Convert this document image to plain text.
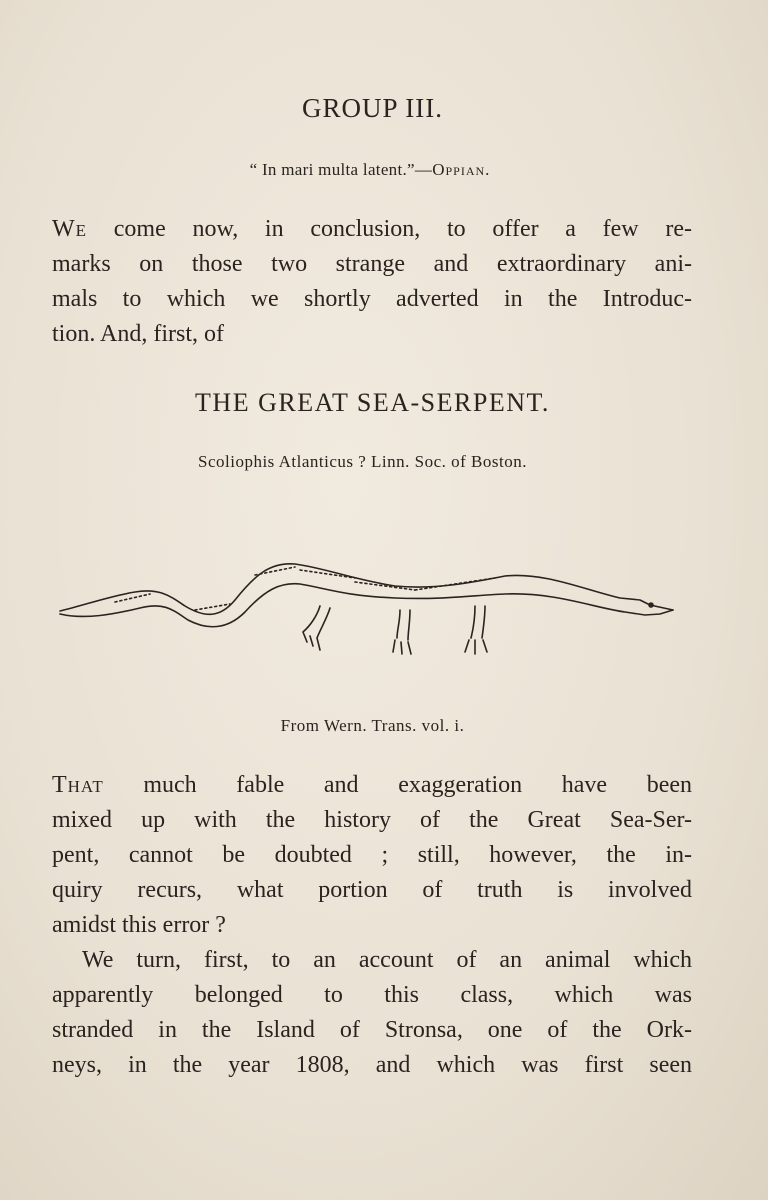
GROUP III.
“ In mari multa latent.”—Oppian.
We come now, in conclusion, to offer a few re-
marks on those two strange and extraordinary ani-
mals to which we shortly adverted in the Introduc-
tion. And, first, of
THE GREAT SEA-SERPENT.
Scoliophis Atlanticus ? Linn. Soc. of Boston.
From Wern. Trans. vol. i.
That much fable and exaggeration have been
mixed up with the history of the Great Sea-Ser-
pent, cannot be doubted ; still, however, the in-
quiry recurs, what portion of truth is involved
amidst this error ?
We turn, first, to an account of an animal which
apparently belonged to this class, which was
stranded in the Island of Stronsa, one of the Ork-
neys, in the year 1808, and which was first seen
